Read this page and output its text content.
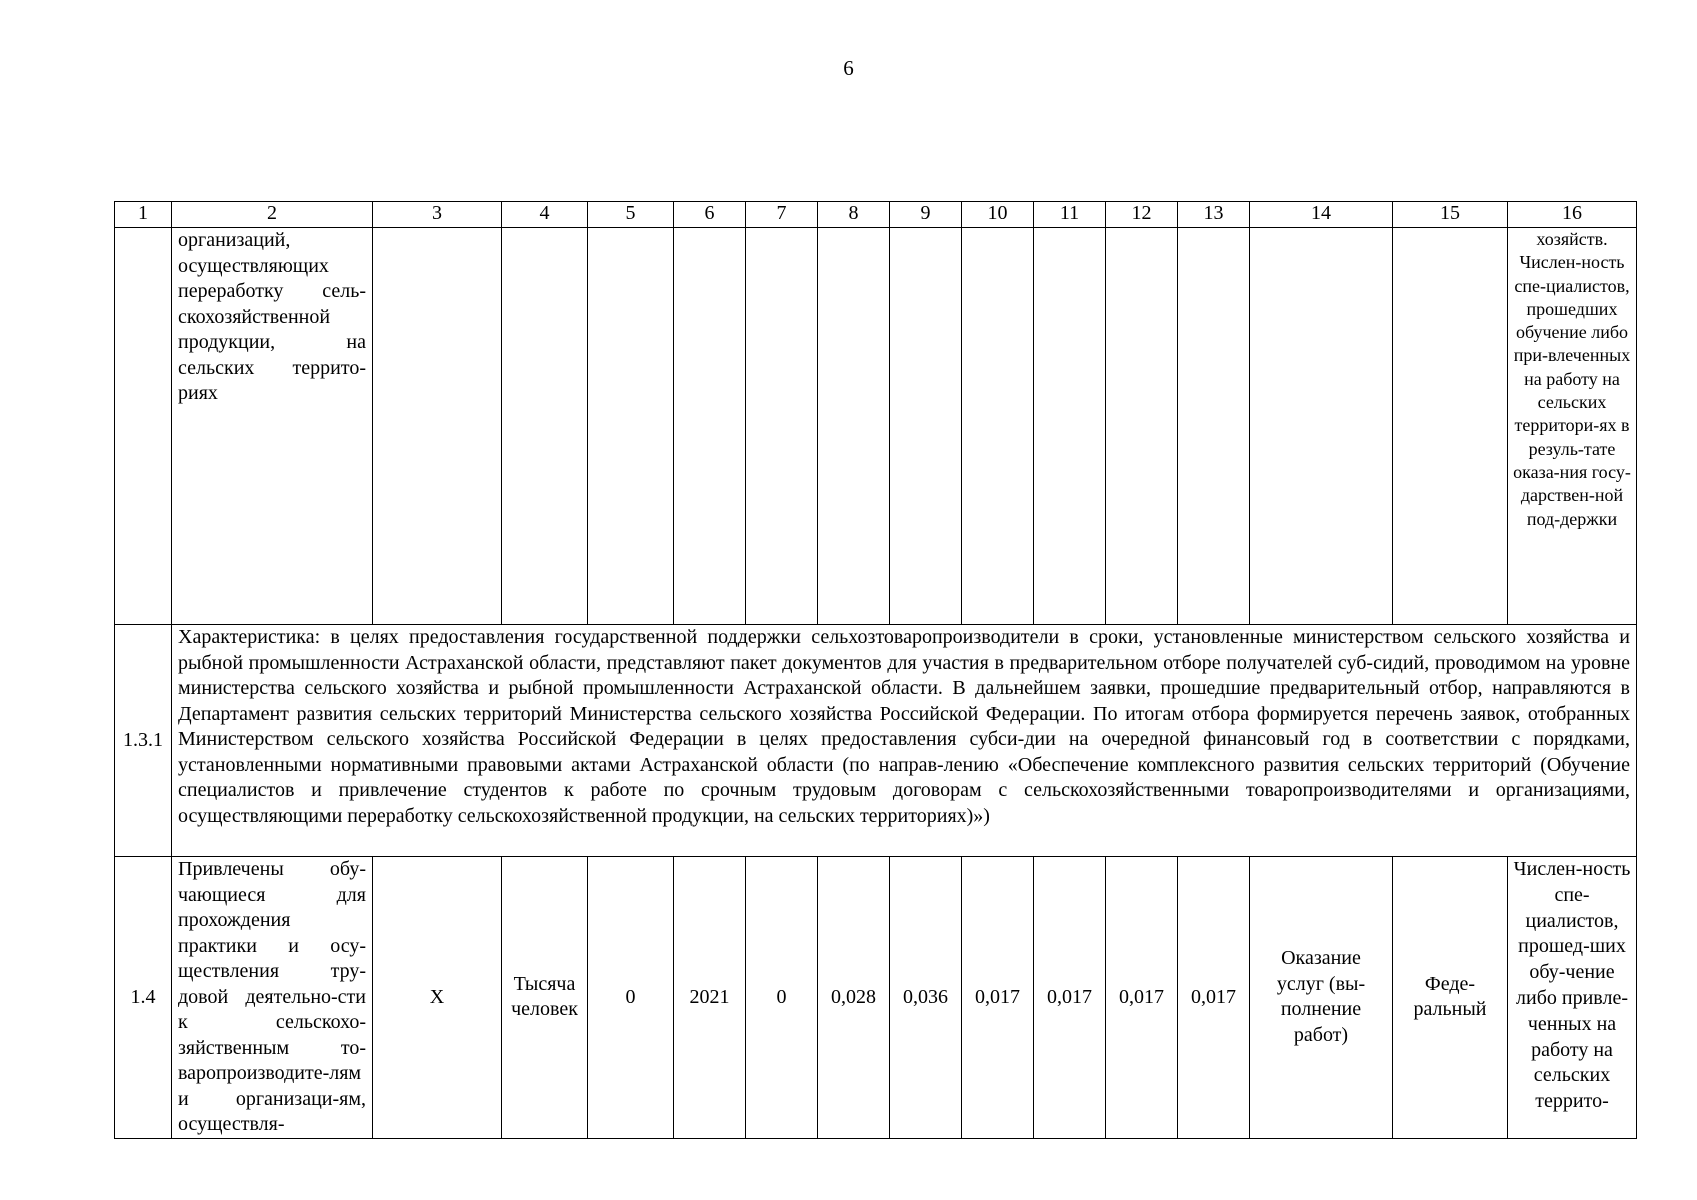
6
1	2	3	4	5	6	7	8	9	10	11	12	13	14	15	16
	организаций, осуществляющих переработку сель-скохозяйственной продукции, на сельских террито-риях														хозяйств. Числен-ность спе-циалистов, прошедших обучение либо при-влеченных на работу на сельских территори-ях в резуль-тате оказа-ния госу-дарствен-ной под-держки
1.3.1	Характеристика: в целях предоставления государственной поддержки сельхозтоваропроизводители в сроки, установленные министерством сельского хозяйства и рыбной промышленности Астраханской области, представляют пакет документов для участия в предварительном отборе получателей суб-сидий, проводимом на уровне министерства сельского хозяйства и рыбной промышленности Астраханской области. В дальнейшем заявки, прошедшие предварительный отбор, направляются в Департамент развития сельских территорий Министерства сельского хозяйства Российской Федерации. По итогам отбора формируется перечень заявок, отобранных Министерством сельского хозяйства Российской Федерации в целях предоставления субси-дии на очередной финансовый год в соответствии с порядками, установленными нормативными правовыми актами Астраханской области (по направ-лению «Обеспечение комплексного развития сельских территорий (Обучение специалистов и привлечение студентов к работе по срочным трудовым договорам с сельскохозяйственными товаропроизводителями и организациями, осуществляющими переработку сельскохозяйственной продукции, на сельских территориях)»)														
1.4	Привлечены обу-чающиеся для прохождения практики и осу-ществления тру-довой деятельно-сти к сельскохо-зяйственным то-варопроизводите-лям и организаци-ям, осуществля-	Х	Тысяча человек	0	2021	0	0,028	0,036	0,017	0,017	0,017	0,017	Оказание услуг (вы-полнение работ)	Феде-ральный	Числен-ность спе-циалистов, прошед-ших обу-чение либо привле-ченных на работу на сельских террито-
